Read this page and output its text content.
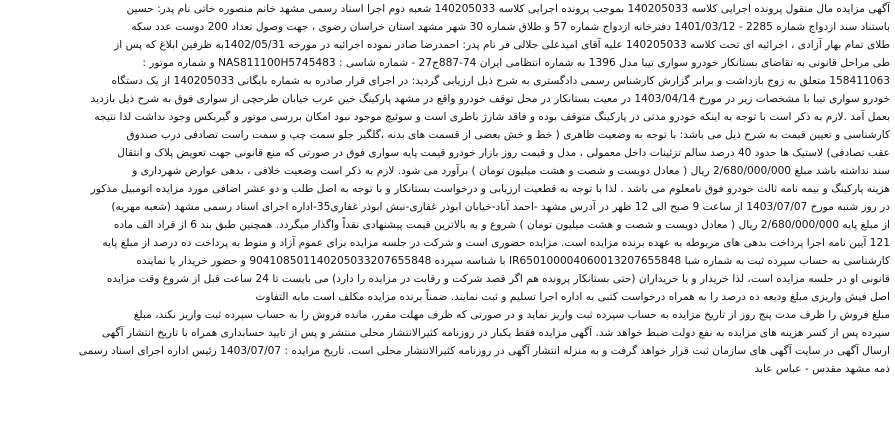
آگهی مزایده مال منقول پرونده اجرایی کلاسه 140205033 بموجب پرونده اجرایی کلاسه 140205033 شعبه دوم اجرا اسناد رسمی مشهد خانم منصوره خاتی نام پدر: حسین
باستناد سند ازدواج شماره 2285 - 1401/03/12 دفترخانه ازدواج شماره 57 و طلاق شماره 30 شهر مشهد استان خراسان رضوی ، جهت وصول تعداد 200 دوست عدد سکه
طلای تمام بهار آزادی ، اجرائیه ای تحت کلاسه 140205033 علیه آقای امیدعلی جلالی فر نام پدر: احمدرضا صادر نموده اجرائیه در مورخه 1402/05/31به ظرفین ابلاغ که پس از
طی مراحل قانونی به تقاضای بستانکار خودرو سواری تیبا مدل 1396 به شماره انتظامی ایران 74-887ج27 - شماره شاسی : NAS811100H5745483 و شماره موتور :
158411063 متعلق به زوج بازداشت و برابر گزارش کارشناس رسمی دادگستری به شرح ذیل ارزیابی گردید: در اجرای قرار صادره به شماره بایگانی 140205033 از یک دستگاه
خودرو سواری تیبا با مشخصات زیر در مورخ 1403/04/14 در معیت بستانکار در محل توقف خودرو واقع در مشهد پارکینگ خین عرب خیابان طرحچی از سواری فوق به شرح ذیل بازدید
بعمل آمد .لازم به ذکر است با توجه به اینکه خودرو مدتی در پارکینگ متوقف بوده و فاقد شارژ باطری است و سوئیچ موجود نبود امکان بررسی موتور و گیربکس وجود نداشت لذا نتیجه
کارشناسی و تعیین قیمت به شرح ذیل می باشد: با توجه به وضعیت ظاهری ( خط و خش بعضی از قسمت های بدنه ،گلگیر جلو سمت چپ و سمت راست تصادفی درب صندوق
عقب تصادفی) لاستیک ها حدود 40 درصد سالم تزئینات داخل معمولی ، مدل و قیمت روز بازار خودرو قیمت پایه سواری فوق در صورتی که منع قانونی جهت تعویض پلاک و انتقال
سند نداشته باشد مبلغ 2/680/000/000 ریال ( معادل دویست و شصت و هشت میلیون تومان ) برآورد می شود. لازم به ذکر است وضعیت خلافی ، بدهی عوارض شهرداری و
هزینه پارکینگ و بیمه نامه ثالث خودرو فوق نامعلوم می باشد . لذا با توجه به قطعیت ارزیابی و درخواست بستانکار و با توجه به اصل طلب و دو عشر اضافی مورد مزایده اتومبیل مذکور
در روز شنبه مورخ 1403/07/07 از ساعت 9 صبح الی 12 ظهر در آدرس مشهد -احمد آباد-خیابان ابوذر غفاری-نبش ابوذر غفاری35-اداره اجرای اسناد رسمی مشهد (شعبه مهریه)
از مبلغ پایه 2/680/000/000 ریال ( معادل دویست و شصت و هشت میلیون تومان ) شروع و به بالاترین قیمت پیشنهادی نقداً واگذار میگردد. همچنین طبق بند 6 از قراد الف ماده
121 آیین نامه اجرا پرداخت بدهی های مربوطه به عهده برنده مزایده است. مزایده حضوری است و شرکت در جلسه مزایده برای عموم آزاد و منوط به پرداخت ده درصد از مبلغ پایه
کارشناسی به حساب سپرده ثبت به شماره شبا IR650100004060013207655848 با شناسه سپرده 904108501140205033207655848 و حضور خریدار یا نماینده
قانونی او در جلسه مزایده است، لذا خریدار و یا خریداران (حتی بستانکار پرونده هم اگر قصد شرکت و رقابت در مزایده را دارد) می بایست تا 24 ساعت قبل از شروع وقت مزایده
اصل فیش واریزی مبلغ ودیعه ده درصد را به همراه درخواست کتبی به اداره اجرا تسلیم و ثبت نمایند. ضمناً برنده مزایده مکلف است مابه التفاوت
مبلغ فروش را ظرف مدت پنج روز از تاریخ مزایده به حساب سپرده ثبت واریز نماید و در صورتی که ظرف مهلت مقرر، مانده فروش را به حساب سپرده ثبت واریز نکند، مبلغ
سپرده پس از کسر هزینه های مزایده به نفع دولت ضبط خواهد شد. آگهی مزایده فقط یکبار در روزنامه کثیرالانتشار محلی منتشر و پس از تایید حسابداری همراه با تاریخ انتشار آگهی
ارسال آگهی در سایت آگهی های سازمان ثبت قرار خواهد گرفت و به منزله انتشار آگهی در روزنامه کثیرالانتشار محلی است. تاریخ مزایده : 1403/07/07 رئیس اداره اجرای اسناد رسمی
ذمه مشهد مقدس - عباس عابد
